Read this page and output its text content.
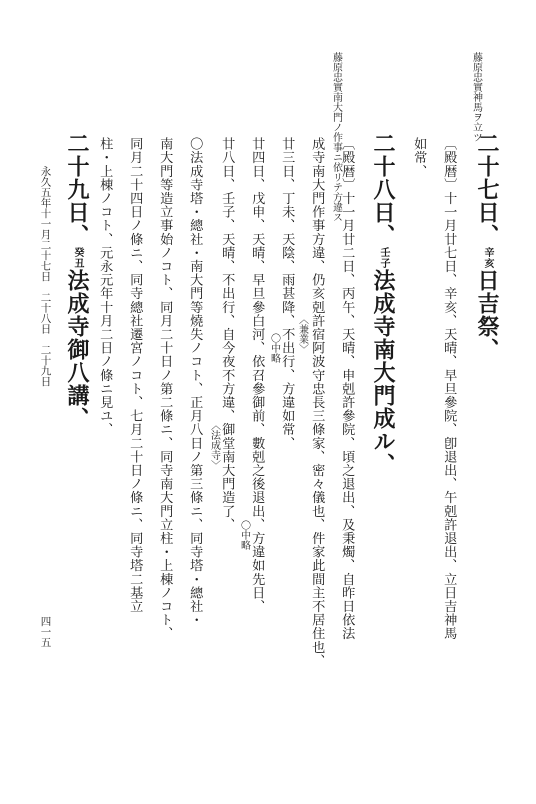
藤原忠實神馬ヲ立ツ
藤原忠實南大門ノ作事ニ依リテ方違ス	二十七日、辛亥日吉祭、
〔殿暦〕十一月廿七日、辛亥、天晴、早旦參院、卽退出、午剋許退出、立日吉神馬
如常、
二十八日、壬子法成寺南大門成ル、
〔殿暦〕十一月廿二日、丙午、天晴、申剋許參院、頃之退出、及秉燭、自昨日依法
成寺南大門作事方違、仍亥剋許宿阿波守忠長三條家、密々儀也、件家此間主不居住也、
廿三日、丁未、天陰、雨甚降、不出行、方違如常、
廿四日、戊申、天晴、早旦參白河、依召參御前、數剋之後退出、方違如先日、
廿八日、壬子、天晴、不出行、自今夜不方違、御堂南大門造了、	〈兼業〉
〇中略
〇中略
〈法成寺〉
〇法成寺塔・總社・南大門等燒失ノコト、正月八日ノ第三條ニ、同寺塔・總社・
南大門等造立事始ノコト、同月二十日ノ第二條ニ、同寺南大門立柱・上棟ノコト、
同月二十四日ノ條ニ、同寺總社遷宮ノコト、七月二十日ノ條ニ、同寺塔二基立
柱・上棟ノコト、元永元年十月二日ノ條ニ見ユ、
二十九日、癸丑法成寺御八講、
永久五年十一月二十七日　二十八日　二十九日
四一五
